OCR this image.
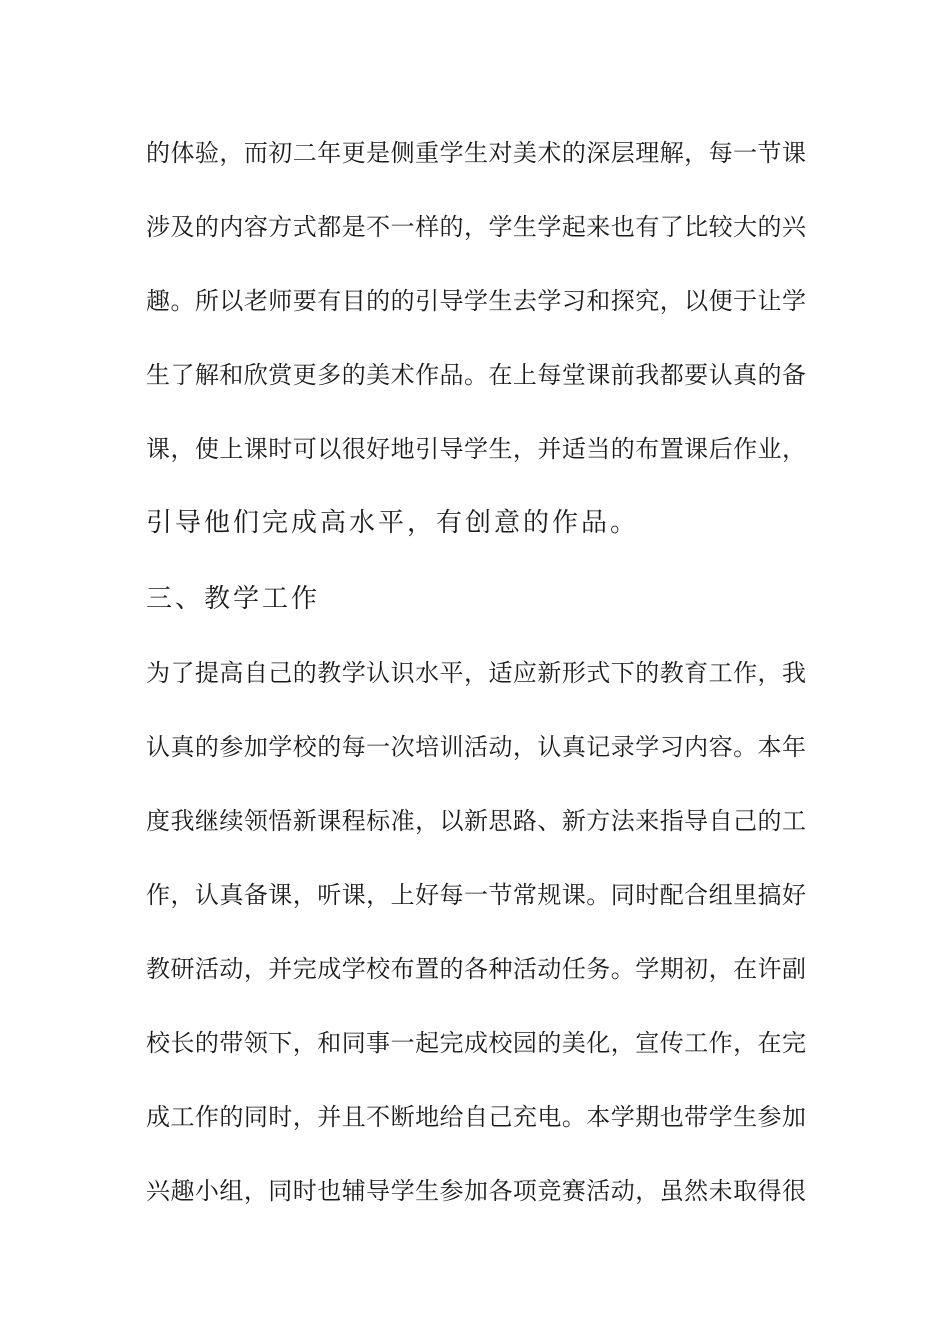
的体验，而初二年更是侧重学生对美术的深层理解，每一节课
涉及的内容方式都是不一样的，学生学起来也有了比较大的兴
趣。所以老师要有目的的引导学生去学习和探究，以便于让学
生了解和欣赏更多的美术作品。在上每堂课前我都要认真的备
课，使上课时可以很好地引导学生，并适当的布置课后作业，
引导他们完成高水平，有创意的作品。
三、教学工作
为了提高自己的教学认识水平，适应新形式下的教育工作，我
认真的参加学校的每一次培训活动，认真记录学习内容。本年
度我继续领悟新课程标准，以新思路、新方法来指导自己的工
作，认真备课，听课，上好每一节常规课。同时配合组里搞好
教研活动，并完成学校布置的各种活动任务。学期初，在许副
校长的带领下，和同事一起完成校园的美化，宣传工作，在完
成工作的同时，并且不断地给自己充电。本学期也带学生参加
兴趣小组，同时也辅导学生参加各项竞赛活动，虽然未取得很
